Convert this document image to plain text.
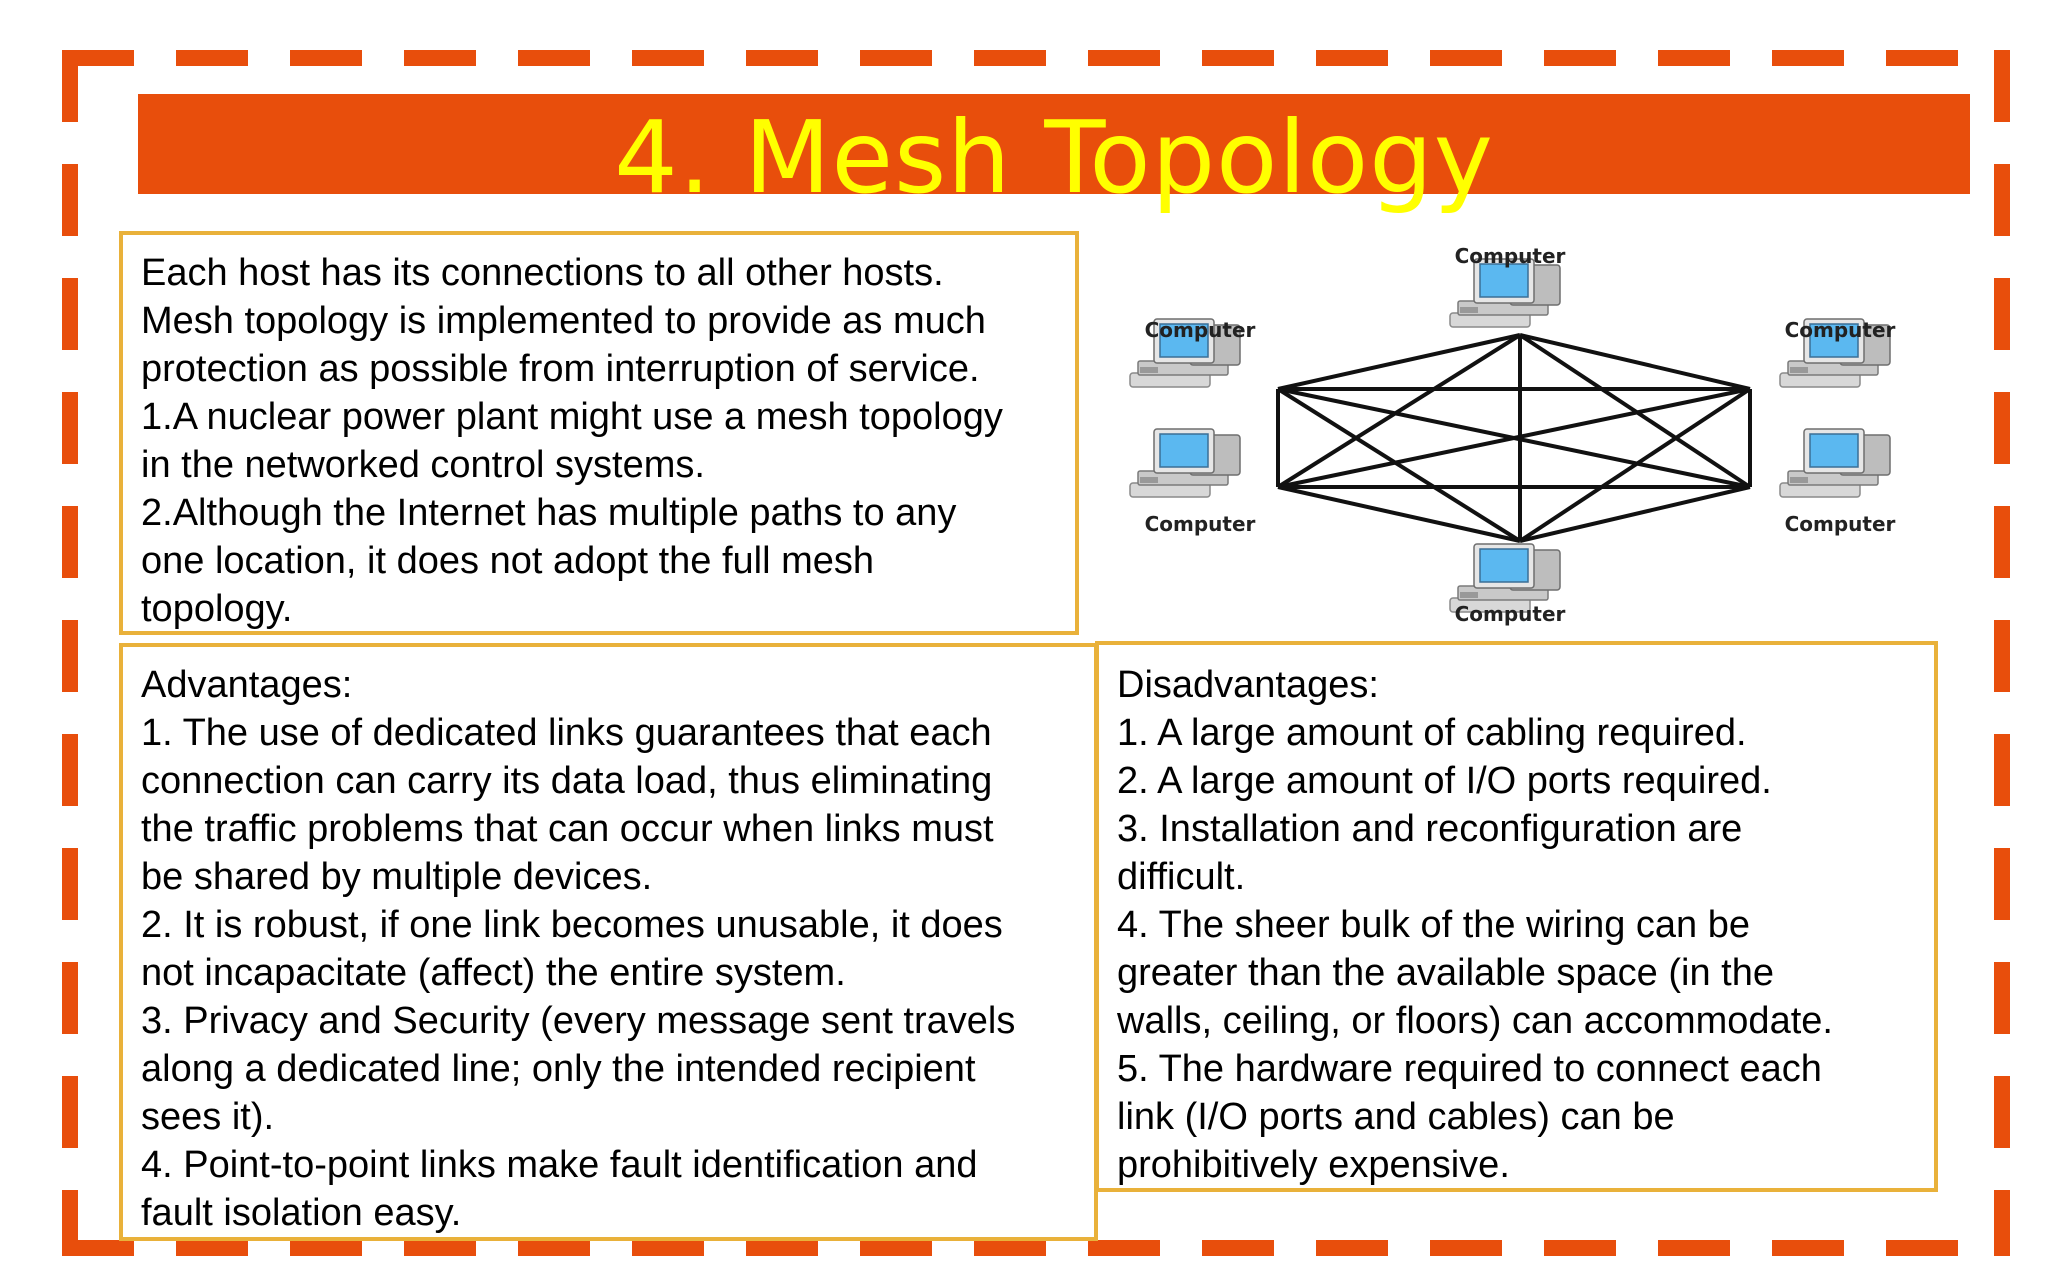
4. Mesh Topology

Each host has its connections to all other hosts.

Mesh topology is implemented to provide as much

protection as possible from interruption of service.

1.A nuclear power plant might use a mesh topology

in the networked control systems.

2.Although the Internet has multiple paths to any

one location, it does not adopt the full mesh

topology.

Computer
Computer
Computer
Computer
Computer
Computer

Advantages:

1. The use of dedicated links guarantees that each

connection can carry its data load, thus eliminating

the traffic problems that can occur when links must

be shared by multiple devices.

2. It is robust, if one link becomes unusable, it does

not incapacitate (affect) the entire system.

3. Privacy and Security (every message sent travels

along a dedicated line; only the intended recipient

sees it).

4. Point-to-point links make fault identification and

fault isolation easy.

Disadvantages:

1. A large amount of cabling required.

2. A large amount of I/O ports required.

3. Installation and reconfiguration are

difficult.

4. The sheer bulk of the wiring can be

greater than the available space (in the

walls, ceiling, or floors) can accommodate.

5. The hardware required to connect each

link (I/O ports and cables) can be

prohibitively expensive.
